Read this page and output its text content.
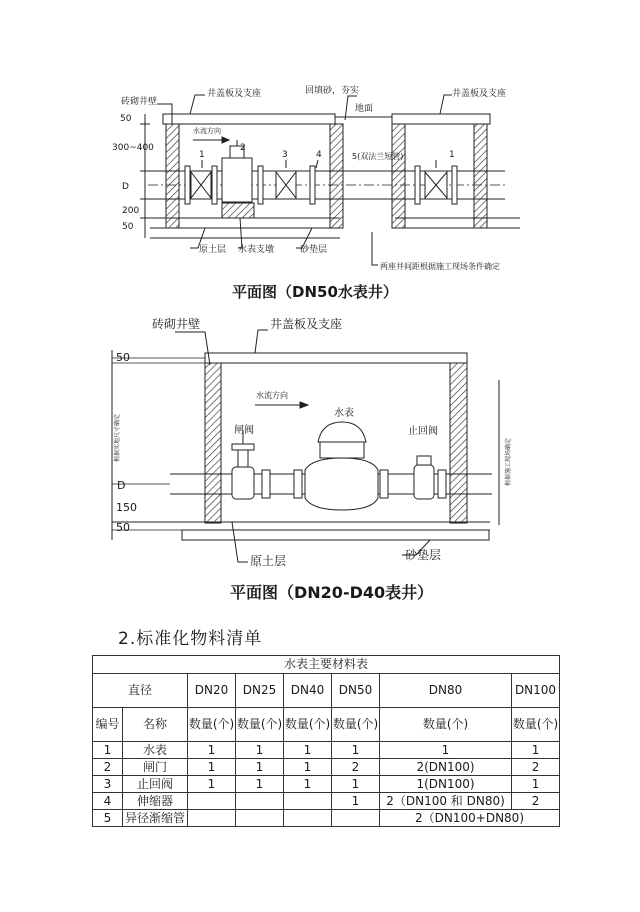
砖砌井壁
井盖板及支座	回填砂，夯实
地面
井盖板及支座
水流方向
50
300~400
D
200
50
1
2
3	4	5(双法兰短管)	1
原土层 水表支墩	砂垫层
两座井间距根据施工现场条件确定
砖砌井壁	井盖板及支座
水流方向
水表
闸阀	止回阀
50
D
150
50
根据实地尺寸确定	根据施工现场确定
原土层	砂垫层
平面图（DN50水表井）
平面图（DN20-D40表井）
2.标准化物料清单
水表主要材料表							
直径		DN20	DN25	DN40	DN50	DN80	DN100
编号	名称	数量(个)	数量(个)	数量(个)	数量(个)	数量(个)	数量(个)
1	水表	1	1	1	1	1	1
2	闸门	1	1	1	2	2(DN100)	2
3	止回阀	1	1	1	1	1(DN100)	1
4	伸缩器				1	2（DN100 和 DN80)	2
5	异径渐缩管					2（DN100+DN80)	
